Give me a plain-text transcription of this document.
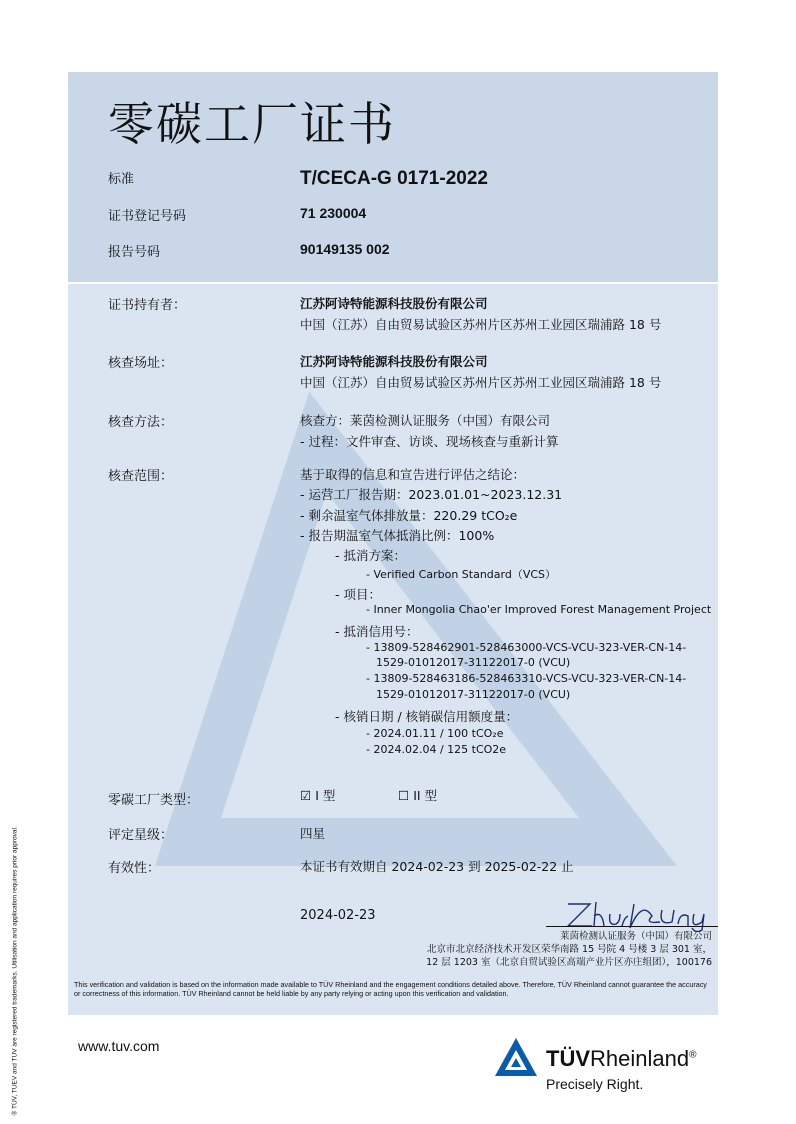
零碳工厂证书
标准	T/CECA-G 0171-2022
证书登记号码	71 230004
报告号码	90149135 002
证书持有者：	江苏阿诗特能源科技股份有限公司
中国（江苏）自由贸易试验区苏州片区苏州工业园区瑞浦路 18 号
核查场址：	江苏阿诗特能源科技股份有限公司
中国（江苏）自由贸易试验区苏州片区苏州工业园区瑞浦路 18 号
核查方法：	核查方：莱茵检测认证服务（中国）有限公司
- 过程：文件审查、访谈、现场核查与重新计算
核查范围：	基于取得的信息和宣告进行评估之结论：
- 运营工厂报告期：2023.01.01~2023.12.31
- 剩余温室气体排放量：220.29 tCO₂e
- 报告期温室气体抵消比例：100%
- 抵消方案：
- Verified Carbon Standard（VCS）
- 项目：
- Inner Mongolia Chao'er Improved Forest Management Project
- 抵消信用号：
- 13809-528462901-528463000-VCS-VCU-323-VER-CN-14-
1529-01012017-31122017-0 (VCU)
- 13809-528463186-528463310-VCS-VCU-323-VER-CN-14-
1529-01012017-31122017-0 (VCU)
- 核销日期 / 核销碳信用额度量：
- 2024.01.11 / 100 tCO₂e
- 2024.02.04 / 125 tCO2e
零碳工厂类型：	☑ I 型	☐ II 型
评定星级：	四星
有效性：	本证书有效期自 2024-02-23 到 2025-02-22 止
2024-02-23
莱茵检测认证服务（中国）有限公司
北京市北京经济技术开发区荣华南路 15 号院 4 号楼 3 层 301 室，
12 层 1203 室（北京自贸试验区高端产业片区亦庄组团），100176
This verification and validation is based on the information made available to TÜV Rheinland and the engagement conditions detailed above. Therefore, TÜV Rheinland cannot guarantee the accuracy or correctness of this information. TÜV Rheinland cannot be held liable by any party relying or acting upon this verification and validation.
® TÜV, TUEV and TUV are registered trademarks. Utilisation and application requires prior approval.	www.tuv.com	TÜVRheinland®
Precisely Right.
